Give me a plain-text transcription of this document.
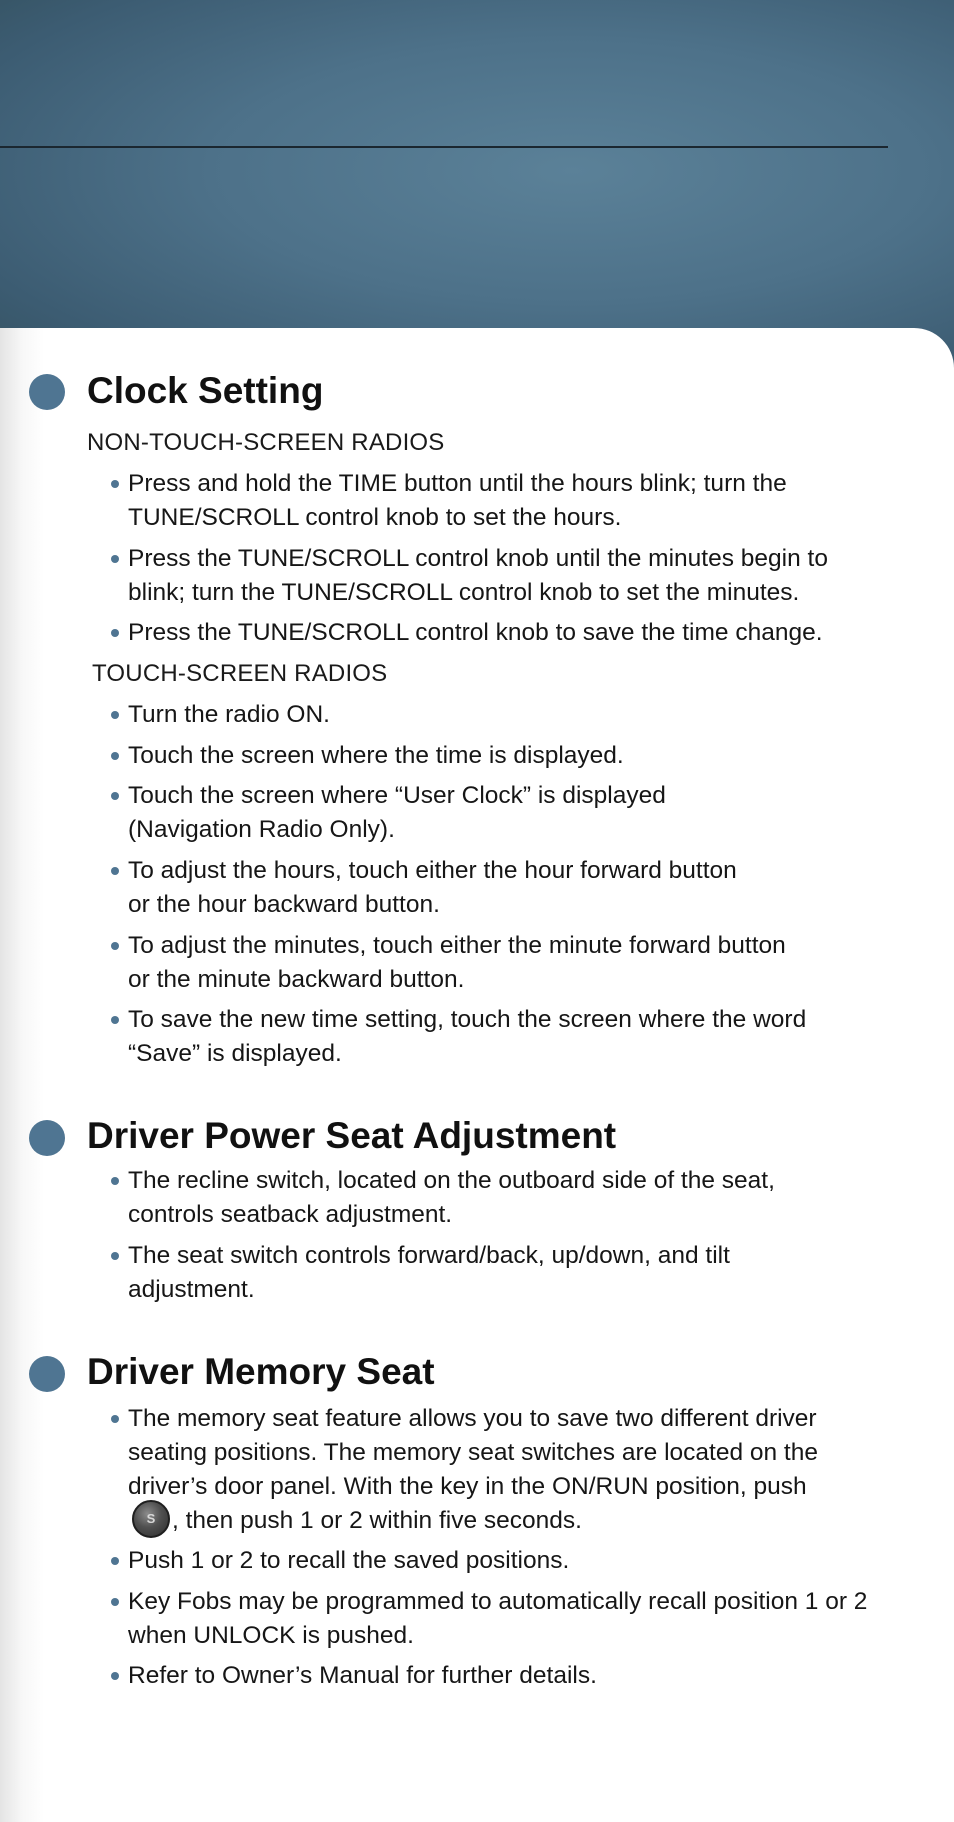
Clock Setting

NON-TOUCH-SCREEN RADIOS

Press and hold the TIME button until the hours blink; turn the TUNE/SCROLL control knob to set the hours.

Press the TUNE/SCROLL control knob until the minutes begin to blink; turn the TUNE/SCROLL control knob to set the minutes.

Press the TUNE/SCROLL control knob to save the time change.

TOUCH-SCREEN RADIOS

Turn the radio ON.

Touch the screen where the time is displayed.

Touch the screen where “User Clock” is displayed (Navigation Radio Only).

To adjust the hours, touch either the hour forward button or the hour backward button.

To adjust the minutes, touch either the minute forward button or the minute backward button.

To save the new time setting, touch the screen where the word “Save” is displayed.

Driver Power Seat Adjustment

The recline switch, located on the outboard side of the seat, controls seatback adjustment.

The seat switch controls forward/back, up/down, and tilt adjustment.

Driver Memory Seat

The memory seat feature allows you to save two different driver seating positions. The memory seat switches are located on the driver’s door panel. With the key in the ON/RUN position, pushS , then push 1 or 2 within five seconds.

Push 1 or 2 to recall the saved positions.

Key Fobs may be programmed to automatically recall position 1 or 2 when UNLOCK is pushed.

Refer to Owner’s Manual for further details.
